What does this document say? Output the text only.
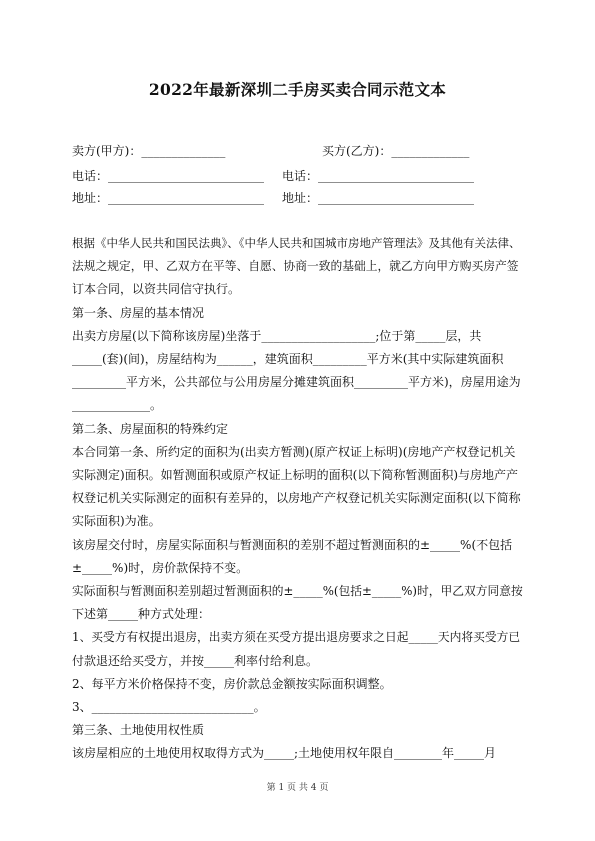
2022年最新深圳二手房买卖合同示范文本
卖方(甲方)：______________	买方(乙方)：_____________
电话：__________________________ 电话：__________________________
地址：__________________________ 地址：__________________________

根据《中华人民共和国民法典》、《中华人民共和国城市房地产管理法》及其他有关法律、

法规之规定，甲、乙双方在平等、自愿、协商一致的基础上，就乙方向甲方购买房产签

订本合同，以资共同信守执行。

第一条、房屋的基本情况

出卖方房屋(以下简称该房屋)坐落于___________________;位于第_____层，共

_____(套)(间)，房屋结构为______，建筑面积_________平方米(其中实际建筑面积

_________平方米，公共部位与公用房屋分摊建筑面积_________平方米)，房屋用途为

_____________。

第二条、房屋面积的特殊约定

本合同第一条、所约定的面积为(出卖方暂测)(原产权证上标明)(房地产产权登记机关

实际测定)面积。如暂测面积或原产权证上标明的面积(以下简称暂测面积)与房地产产

权登记机关实际测定的面积有差异的，以房地产产权登记机关实际测定面积(以下简称

实际面积)为准。

该房屋交付时，房屋实际面积与暂测面积的差别不超过暂测面积的±_____%(不包括

±_____%)时，房价款保持不变。

实际面积与暂测面积差别超过暂测面积的±_____%(包括±_____%)时，甲乙双方同意按

下述第_____种方式处理：

1、买受方有权提出退房，出卖方须在买受方提出退房要求之日起_____天内将买受方已

付款退还给买受方，并按_____利率付给利息。

2、每平方米价格保持不变，房价款总金额按实际面积调整。

3、___________________________。

第三条、土地使用权性质

该房屋相应的土地使用权取得方式为_____;土地使用权年限自________年_____月

第 1 页 共 4 页
